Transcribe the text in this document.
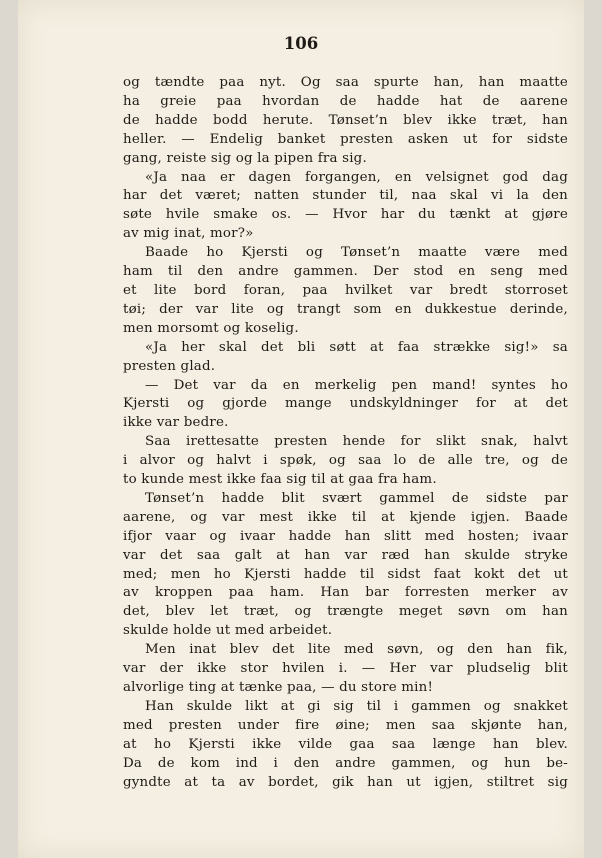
106

og tændte paa nyt. Og saa spurte han, han maatte
ha greie paa hvordan de hadde hat de aarene
de hadde bodd herute. Tønset’n blev ikke træt, han
heller. — Endelig banket presten asken ut for sidste
gang, reiste sig og la pipen fra sig.

«Ja naa er dagen forgangen, en velsignet god dag
har det været; natten stunder til, naa skal vi la den
søte hvile smake os. — Hvor har du tænkt at gjøre
av mig inat, mor?»

Baade ho Kjersti og Tønset’n maatte være med
ham til den andre gammen. Der stod en seng med
et lite bord foran, paa hvilket var bredt storroset
tøi; der var lite og trangt som en dukkestue derinde,
men morsomt og koselig.

«Ja her skal det bli søtt at faa strække sig!» sa
presten glad.

— Det var da en merkelig pen mand! syntes ho
Kjersti og gjorde mange undskyldninger for at det
ikke var bedre.

Saa irettesatte presten hende for slikt snak, halvt
i alvor og halvt i spøk, og saa lo de alle tre, og de
to kunde mest ikke faa sig til at gaa fra ham.

Tønset’n hadde blit svært gammel de sidste par
aarene, og var mest ikke til at kjende igjen. Baade
ifjor vaar og ivaar hadde han slitt med hosten; ivaar
var det saa galt at han var ræd han skulde stryke
med; men ho Kjersti hadde til sidst faat kokt det ut
av kroppen paa ham. Han bar forresten merker av
det, blev let træt, og trængte meget søvn om han
skulde holde ut med arbeidet.

Men inat blev det lite med søvn, og den han fik,
var der ikke stor hvilen i. — Her var pludselig blit
alvorlige ting at tænke paa, — du store min!

Han skulde likt at gi sig til i gammen og snakket
med presten under fire øine; men saa skjønte han,
at ho Kjersti ikke vilde gaa saa længe han blev.
Da de kom ind i den andre gammen, og hun be-
gyndte at ta av bordet, gik han ut igjen, stiltret sig
